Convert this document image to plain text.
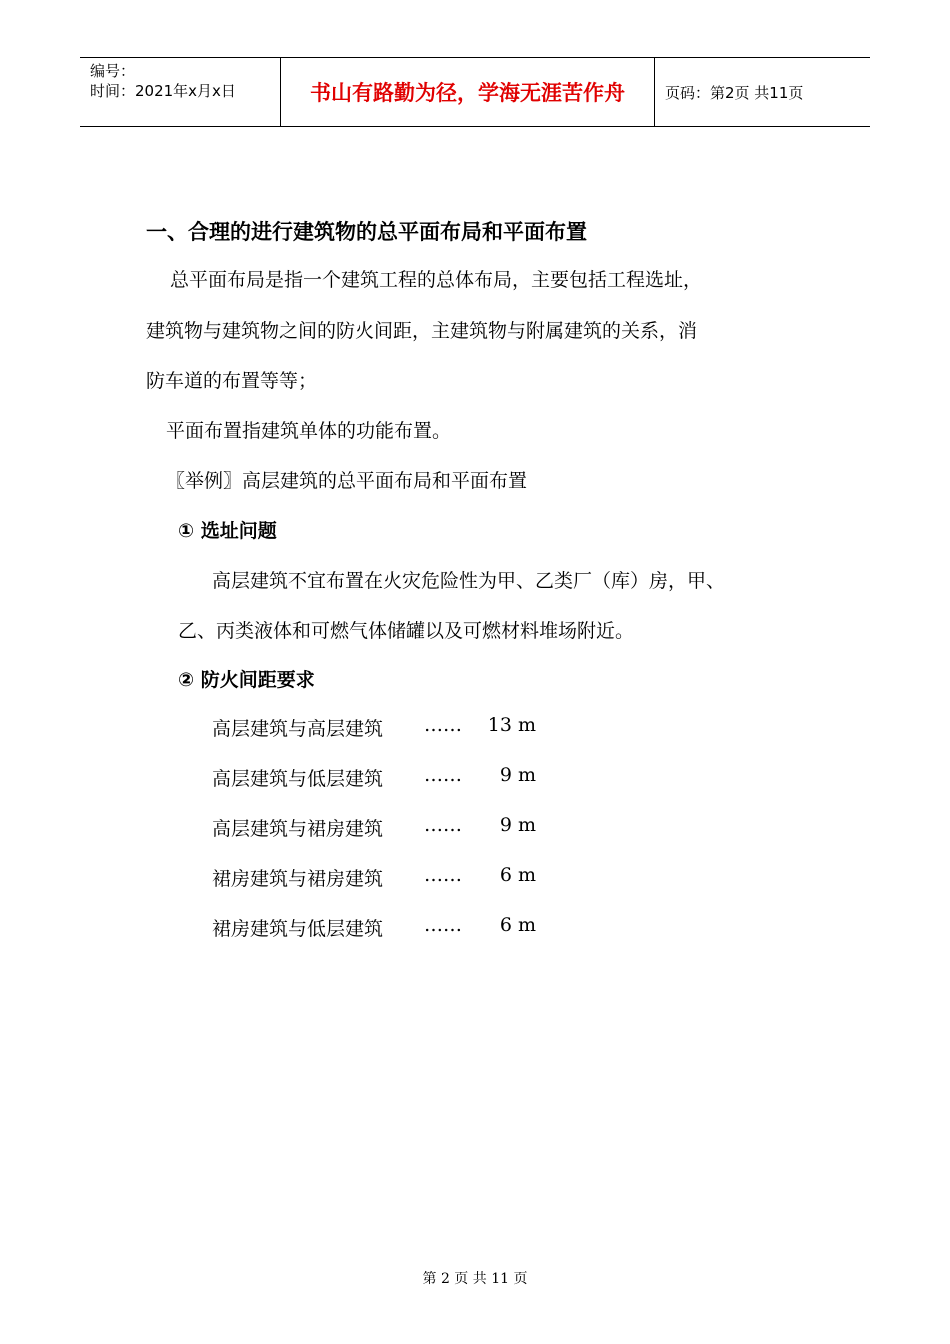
编号：
时间：2021年x月x日	书山有路勤为径，学海无涯苦作舟	页码：第2页 共11页
一、合理的进行建筑物的总平面布局和平面布置
总平面布局是指一个建筑工程的总体布局，主要包括工程选址，
建筑物与建筑物之间的防火间距，主建筑物与附属建筑的关系，消
防车道的布置等等；
平面布置指建筑单体的功能布置。
〖举例〗高层建筑的总平面布局和平面布置
① 选址问题
高层建筑不宜布置在火灾危险性为甲、乙类厂（库）房，甲、
乙、丙类液体和可燃气体储罐以及可燃材料堆场附近。
② 防火间距要求
高层建筑与高层建筑 ……	13 m
高层建筑与低层建筑 ……	9 m
高层建筑与裙房建筑 ……	9 m
裙房建筑与裙房建筑 ……	6 m
裙房建筑与低层建筑 ……	6 m
第 2 页 共 11 页
